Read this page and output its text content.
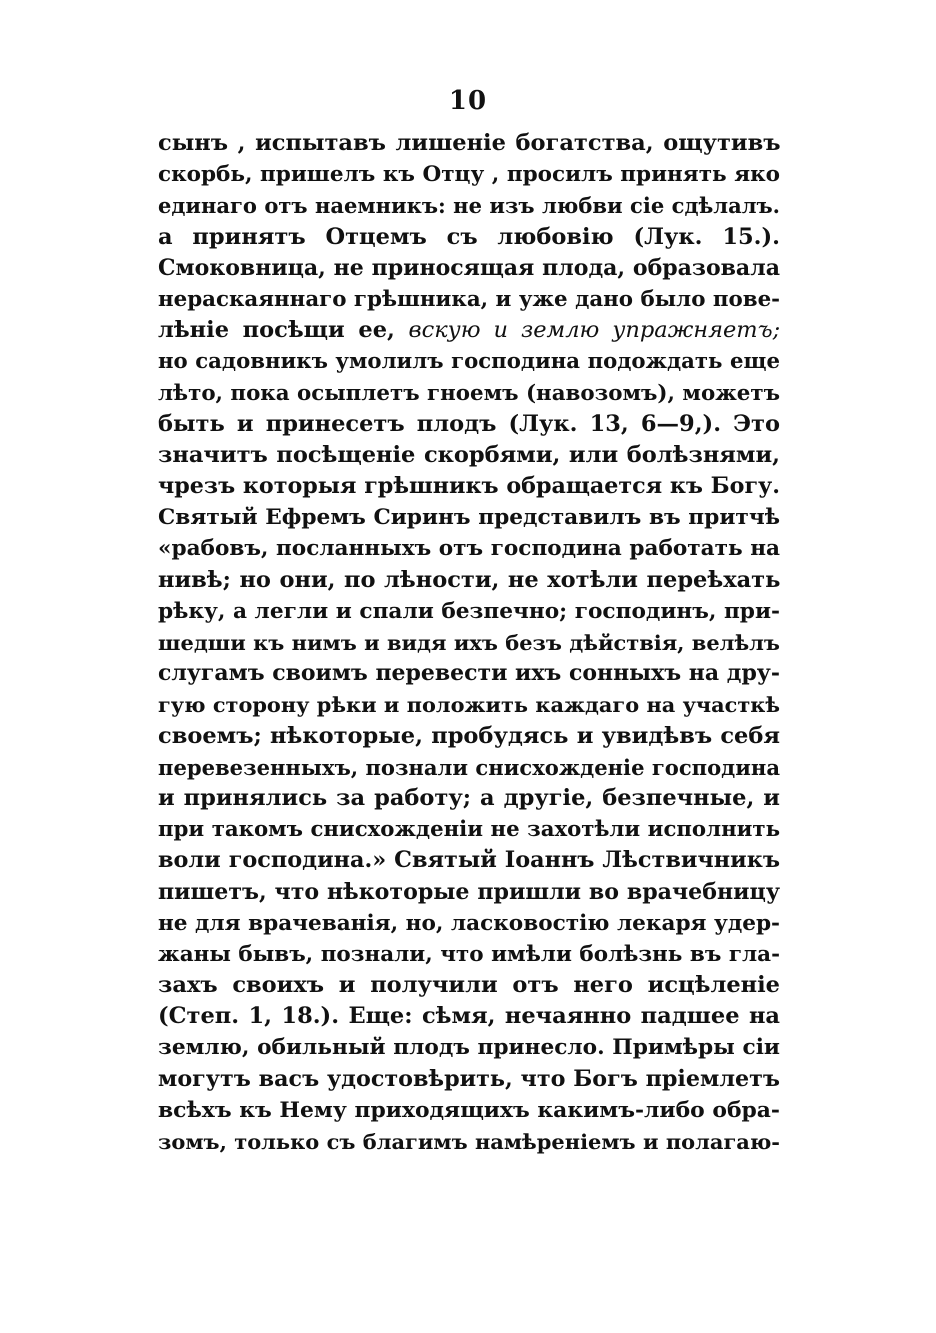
10
сынъ , испытавъ лишеніе богатства, ощутивъ
скорбь, пришелъ къ Отцу , просилъ принять яко
единаго отъ наемникъ: не изъ любви сіе сдѣлалъ.
а принятъ Отцемъ съ любовію (Лук. 15.).
Смоковница, не приносящая плода, образовала
нераскаяннаго грѣшника, и уже дано было пове-
лѣніе посѣщи ее, вскую и землю упражняетъ;
но садовникъ умолилъ господина подождать еще
лѣто, пока осыплетъ гноемъ (навозомъ), можетъ
быть и принесетъ плодъ (Лук. 13, 6—9,). Это
значитъ посѣщеніе скорбями, или болѣзнями,
чрезъ которыя грѣшникъ обращается къ Богу.
Святый Ефремъ Сиринъ представилъ въ притчѣ
«рабовъ, посланныхъ отъ господина работать на
нивѣ; но они, по лѣности, не хотѣли переѣхать
рѣку, а легли и спали безпечно; господинъ, при-
шедши къ нимъ и видя ихъ безъ дѣйствія, велѣлъ
слугамъ своимъ перевести ихъ сонныхъ на дру-
гую сторону рѣки и положить каждаго на участкѣ
своемъ; нѣкоторые, пробудясь и увидѣвъ себя
перевезенныхъ, познали снисхожденіе господина
и принялись за работу; а другіе, безпечные, и
при такомъ снисхожденіи не захотѣли исполнить
воли господина.» Святый Іоаннъ Лѣствичникъ
пишетъ, что нѣкоторые пришли во врачебницу
не для врачеванія, но, ласковостію лекаря удер-
жаны бывъ, познали, что имѣли болѣзнь въ гла-
захъ своихъ и получили отъ него исцѣленіе
(Степ. 1, 18.). Еще: сѣмя, нечаянно падшее на
землю, обильный плодъ принесло. Примѣры сіи
могутъ васъ удостовѣрить, что Богъ пріемлетъ
всѣхъ къ Нему приходящихъ какимъ-либо обра-
зомъ, только съ благимъ намѣреніемъ и полагаю-
